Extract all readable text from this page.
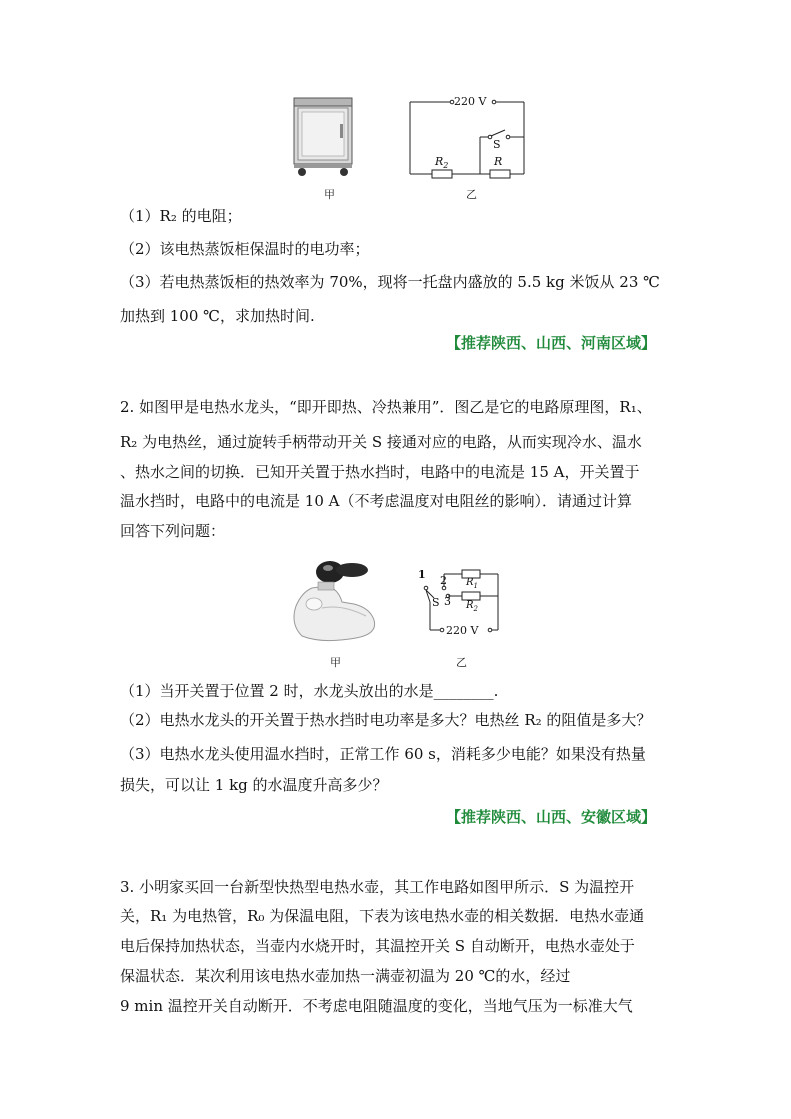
220 V
S
$R_2$	R
甲	乙
（1）R₂ 的电阻；
（2）该电热蒸饭柜保温时的电功率；
（3）若电热蒸饭柜的热效率为 70%，现将一托盘内盛放的 5.5 kg 米饭从 23 ℃
加热到 100 ℃，求加热时间.
【推荐陕西、山西、河南区域】
2. 如图甲是电热水龙头，“即开即热、冷热兼用”．图乙是它的电路原理图，R₁、
R₂ 为电热丝，通过旋转手柄带动开关 S 接通对应的电路，从而实现冷水、温水
、热水之间的切换．已知开关置于热水挡时，电路中的电流是 15 A，开关置于
温水挡时，电路中的电流是 10 A（不考虑温度对电阻丝的影响）．请通过计算
回答下列问题：
1 2
S 3
$R_1$
$R_2$
220 V
甲	乙
（1）当开关置于位置 2 时，水龙头放出的水是________.
（2）电热水龙头的开关置于热水挡时电功率是多大？电热丝 R₂ 的阻值是多大？
（3）电热水龙头使用温水挡时，正常工作 60 s，消耗多少电能？如果没有热量
损失，可以让 1 kg 的水温度升高多少？
【推荐陕西、山西、安徽区域】
3. 小明家买回一台新型快热型电热水壶，其工作电路如图甲所示．S 为温控开
关，R₁ 为电热管，R₀ 为保温电阻，下表为该电热水壶的相关数据．电热水壶通
电后保持加热状态，当壶内水烧开时，其温控开关 S 自动断开，电热水壶处于
保温状态．某次利用该电热水壶加热一满壶初温为 20 ℃的水，经过
9 min 温控开关自动断开．不考虑电阻随温度的变化，当地气压为一标准大气
